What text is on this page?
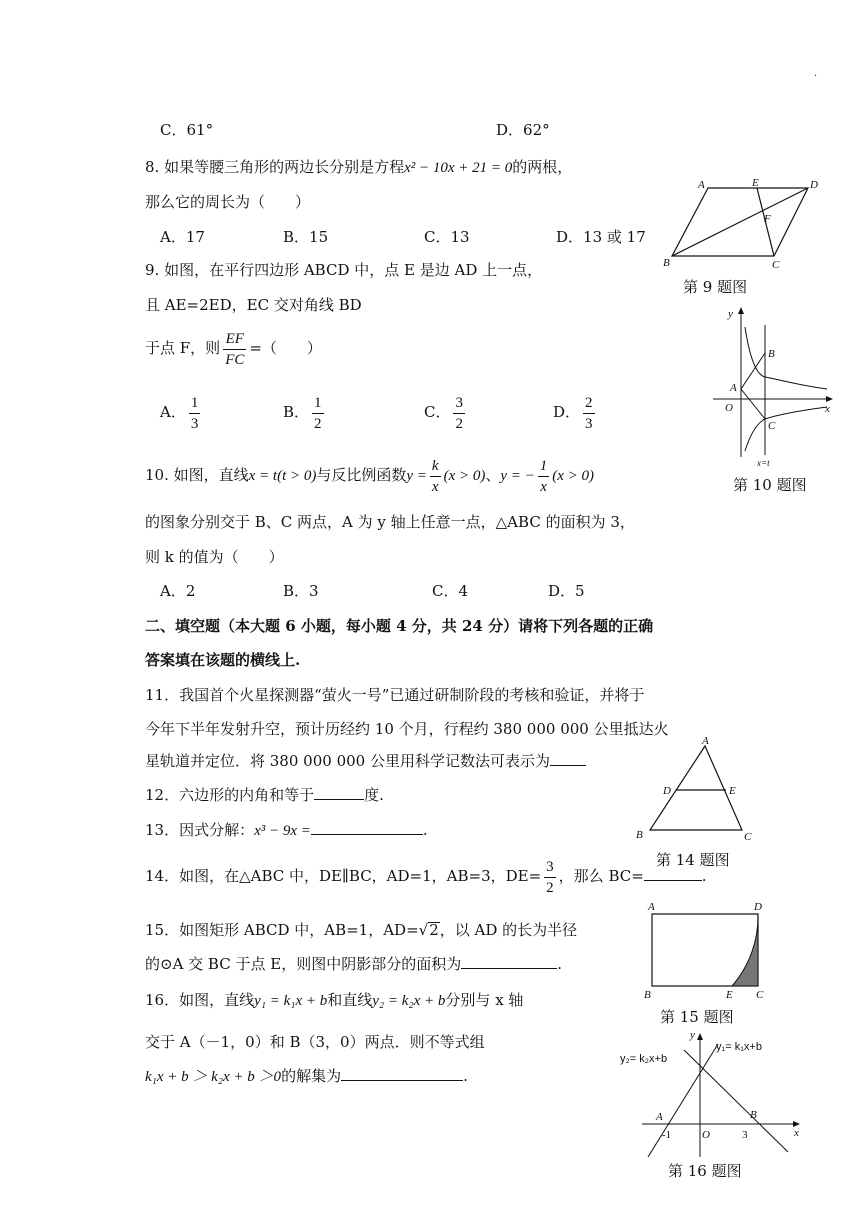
.
C．61°	D．62°
8. 如果等腰三角形的两边长分别是方程x² − 10x + 21 = 0的两根，
那么它的周长为（　　）
A．17	B．15	C．13	D．13 或 17
A	E	D
F
B	C
第 9 题图
9. 如图，在平行四边形 ABCD 中，点 E 是边 AD 上一点，
且 AE=2ED，EC 交对角线 BD
于点 F，则 $\frac{EF}{FC}$ =（　　）
A． $\frac{1}{3}$	B． $\frac{1}{2}$	C． $\frac{3}{2}$	D． $\frac{2}{3}$
y
x
O
A
B
C
x=t
第 10 题图
10. 如图，直线x = t(t > 0)与反比例函数$y = \frac{k}{x} (x > 0)$、y = − $\frac{1}{x} (x > 0)$
的图象分别交于 B、C 两点，A 为 y 轴上任意一点，△ABC 的面积为 3，
则 k 的值为（　　）
A．2	B．3	C．4	D．5
二、填空题（本大题 6 小题，每小题 4 分，共 24 分）请将下列各题的正确
答案填在该题的横线上.
11．我国首个火星探测器“萤火一号”已通过研制阶段的考核和验证，并将于
今年下半年发射升空，预计历经约 10 个月，行程约 380 000 000 公里抵达火
星轨道并定位．将 380 000 000 公里用科学记数法可表示为
A
D	E
B	C
第 14 题图
12．六边形的内角和等于	度.
13．因式分解：x³ − 9x =	.
14．如图，在△ABC 中，DE∥BC，AD=1，AB=3，$DE= \frac{3}{2}$ ，那么 BC=	.
A	D
B	E C
第 15 题图
15．如图矩形 ABCD 中，AB=1，AD=√2，以 AD 的长为半径
的⊙A 交 BC 于点 E，则图中阴影部分的面积为	.
16．如图，直线y₁ = k₁x + b和直线y₂ = k₂x + b分别与 x 轴
交于 A（－1，0）和 B（3，0）两点．则不等式组
k₁x + b ＞ k₂x + b ＞0的解集为	.
y₁= k₁x+b
y₂= k₂x+b
y
x
A	B
O
-1	3
第 16 题图
